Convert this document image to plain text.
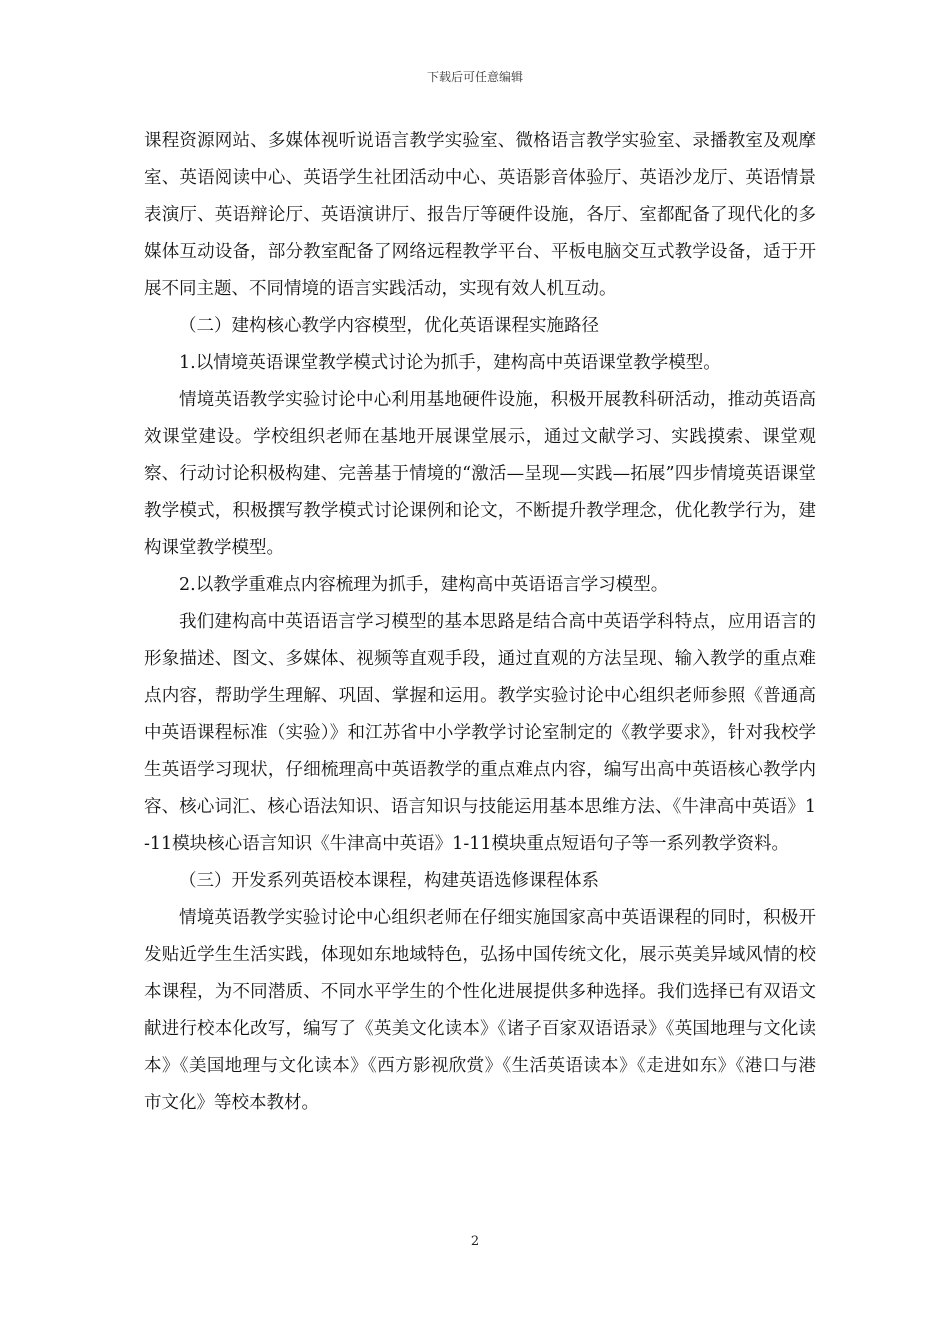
下载后可任意编辑

课程资源网站、多媒体视听说语言教学实验室、微格语言教学实验室、录播教室及观摩室、英语阅读中心、英语学生社团活动中心、英语影音体验厅、英语沙龙厅、英语情景表演厅、英语辩论厅、英语演讲厅、报告厅等硬件设施，各厅、室都配备了现代化的多媒体互动设备，部分教室配备了网络远程教学平台、平板电脑交互式教学设备，适于开展不同主题、不同情境的语言实践活动，实现有效人机互动。

（二）建构核心教学内容模型，优化英语课程实施路径

1.以情境英语课堂教学模式讨论为抓手，建构高中英语课堂教学模型。

情境英语教学实验讨论中心利用基地硬件设施，积极开展教科研活动，推动英语高效课堂建设。学校组织老师在基地开展课堂展示，通过文献学习、实践摸索、课堂观察、行动讨论积极构建、完善基于情境的“激活—呈现—实践—拓展”四步情境英语课堂教学模式，积极撰写教学模式讨论课例和论文，不断提升教学理念，优化教学行为，建构课堂教学模型。

2.以教学重难点内容梳理为抓手，建构高中英语语言学习模型。

我们建构高中英语语言学习模型的基本思路是结合高中英语学科特点，应用语言的形象描述、图文、多媒体、视频等直观手段，通过直观的方法呈现、输入教学的重点难点内容，帮助学生理解、巩固、掌握和运用。教学实验讨论中心组织老师参照《普通高中英语课程标准（实验）》和江苏省中小学教学讨论室制定的《教学要求》，针对我校学生英语学习现状，仔细梳理高中英语教学的重点难点内容，编写出高中英语核心教学内容、核心词汇、核心语法知识、语言知识与技能运用基本思维方法、《牛津高中英语》1-11模块核心语言知识《牛津高中英语》1-11模块重点短语句子等一系列教学资料。

（三）开发系列英语校本课程，构建英语选修课程体系

情境英语教学实验讨论中心组织老师在仔细实施国家高中英语课程的同时，积极开发贴近学生生活实践，体现如东地域特色，弘扬中国传统文化，展示英美异域风情的校本课程，为不同潜质、不同水平学生的个性化进展提供多种选择。我们选择已有双语文献进行校本化改写，编写了《英美文化读本》《诸子百家双语语录》《英国地理与文化读本》《美国地理与文化读本》《西方影视欣赏》《生活英语读本》《走进如东》《港口与港市文化》等校本教材。

2
